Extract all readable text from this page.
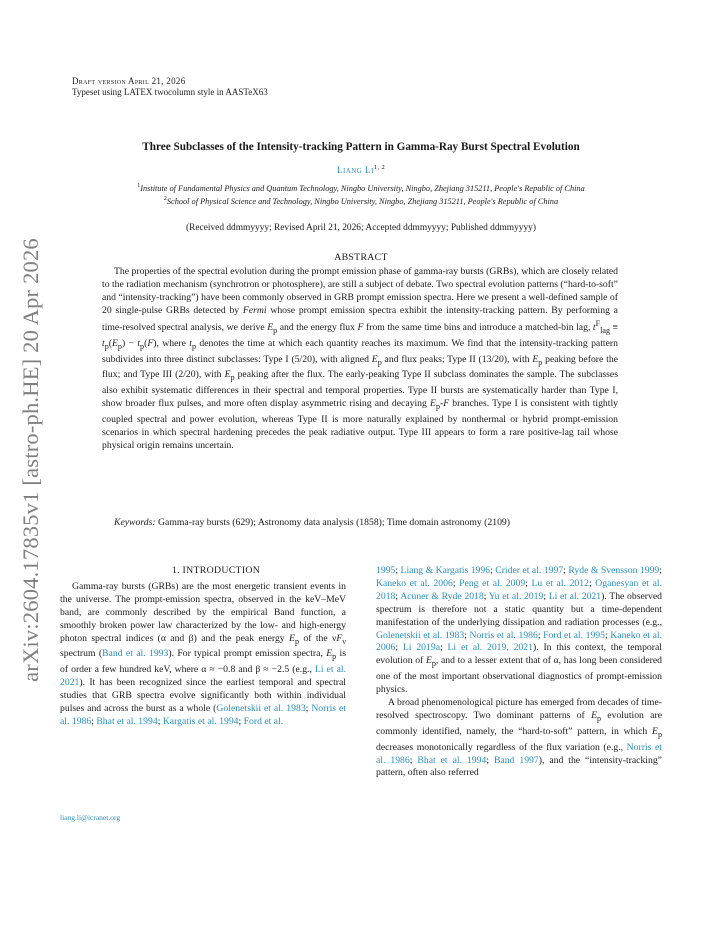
arXiv:2604.17835v1 [astro-ph.HE] 20 Apr 2026
Draft version April 21, 2026
Typeset using LATEX twocolumn style in AASTeX63
Three Subclasses of the Intensity-tracking Pattern in Gamma-Ray Burst Spectral Evolution
Liang Li$^{1, 2}$
$^1$Institute of Fundamental Physics and Quantum Technology, Ningbo University, Ningbo, Zhejiang 315211, People's Republic of China
$^2$School of Physical Science and Technology, Ningbo University, Ningbo, Zhejiang 315211, People's Republic of China
(Received ddmmyyyy; Revised April 21, 2026; Accepted ddmmyyyy; Published ddmmyyyy)
ABSTRACT

The properties of the spectral evolution during the prompt emission phase of gamma-ray bursts (GRBs), which are closely related to the radiation mechanism (synchrotron or photosphere), are still a subject of debate. Two spectral evolution patterns (“hard-to-soft” and “intensity-tracking”) have been commonly observed in GRB prompt emission spectra. Here we present a well-defined sample of 20 single-pulse GRBs detected by Fermi whose prompt emission spectra exhibit the intensity-tracking pattern. By performing a time-resolved spectral analysis, we derive $E_p$ and the energy flux F from the same time bins and introduce a matched-bin lag, $t^F_{lag} \equiv t_p(E_p) - t_p(F)$, where $t_p$ denotes the time at which each quantity reaches its maximum. We find that the intensity-tracking pattern subdivides into three distinct subclasses: Type I (5/20), with aligned $E_p$ and flux peaks; Type II (13/20), with $E_p$ peaking before the flux; and Type III (2/20), with $E_p$ peaking after the flux. The early-peaking Type II subclass dominates the sample. The subclasses also exhibit systematic differences in their spectral and temporal properties. Type II bursts are systematically harder than Type I, show broader flux pulses, and more often display asymmetric rising and decaying $E_p-F$ branches. Type I is consistent with tightly coupled spectral and power evolution, whereas Type II is more naturally explained by nonthermal or hybrid prompt-emission scenarios in which spectral hardening precedes the peak radiative output. Type III appears to form a rare positive-lag tail whose physical origin remains uncertain.

Keywords: Gamma-ray bursts (629); Astronomy data analysis (1858); Time domain astronomy (2109)
1. INTRODUCTION

Gamma-ray bursts (GRBs) are the most energetic transient events in the universe. The prompt-emission spectra, observed in the keV–MeV band, are commonly described by the empirical Band function, a smoothly broken power law characterized by the low- and high-energy photon spectral indices (α and β) and the peak energy $E_p$ of the $\nu F_\nu$ spectrum (Band et al. 1993). For typical prompt emission spectra, $E_p$ is of order a few hundred keV, where α ≈ −0.8 and β ≈ −2.5 (e.g., Li et al. 2021). It has been recognized since the earliest temporal and spectral studies that GRB spectra evolve significantly both within individual pulses and across the burst as a whole (Golenetskii et al. 1983; Norris et al. 1986; Bhat et al. 1994; Kargatis et al. 1994; Ford et al.

liang.li@icranet.org

1995; Liang & Kargatis 1996; Crider et al. 1997; Ryde & Svensson 1999; Kaneko et al. 2006; Peng et al. 2009; Lu et al. 2012; Oganesyan et al. 2018; Acuner & Ryde 2018; Yu et al. 2019; Li et al. 2021). The observed spectrum is therefore not a static quantity but a time-dependent manifestation of the underlying dissipation and radiation processes (e.g., Golenetskii et al. 1983; Norris et al. 1986; Ford et al. 1995; Kaneko et al. 2006; Li 2019a; Li et al. 2019, 2021). In this context, the temporal evolution of $E_p$, and to a lesser extent that of α, has long been considered one of the most important observational diagnostics of prompt-emission physics.

A broad phenomenological picture has emerged from decades of time-resolved spectroscopy. Two dominant patterns of $E_p$ evolution are commonly identified, namely, the “hard-to-soft” pattern, in which $E_p$ decreases monotonically regardless of the flux variation (e.g., Norris et al. 1986; Bhat et al. 1994; Band 1997), and the “intensity-tracking” pattern, often also referred
